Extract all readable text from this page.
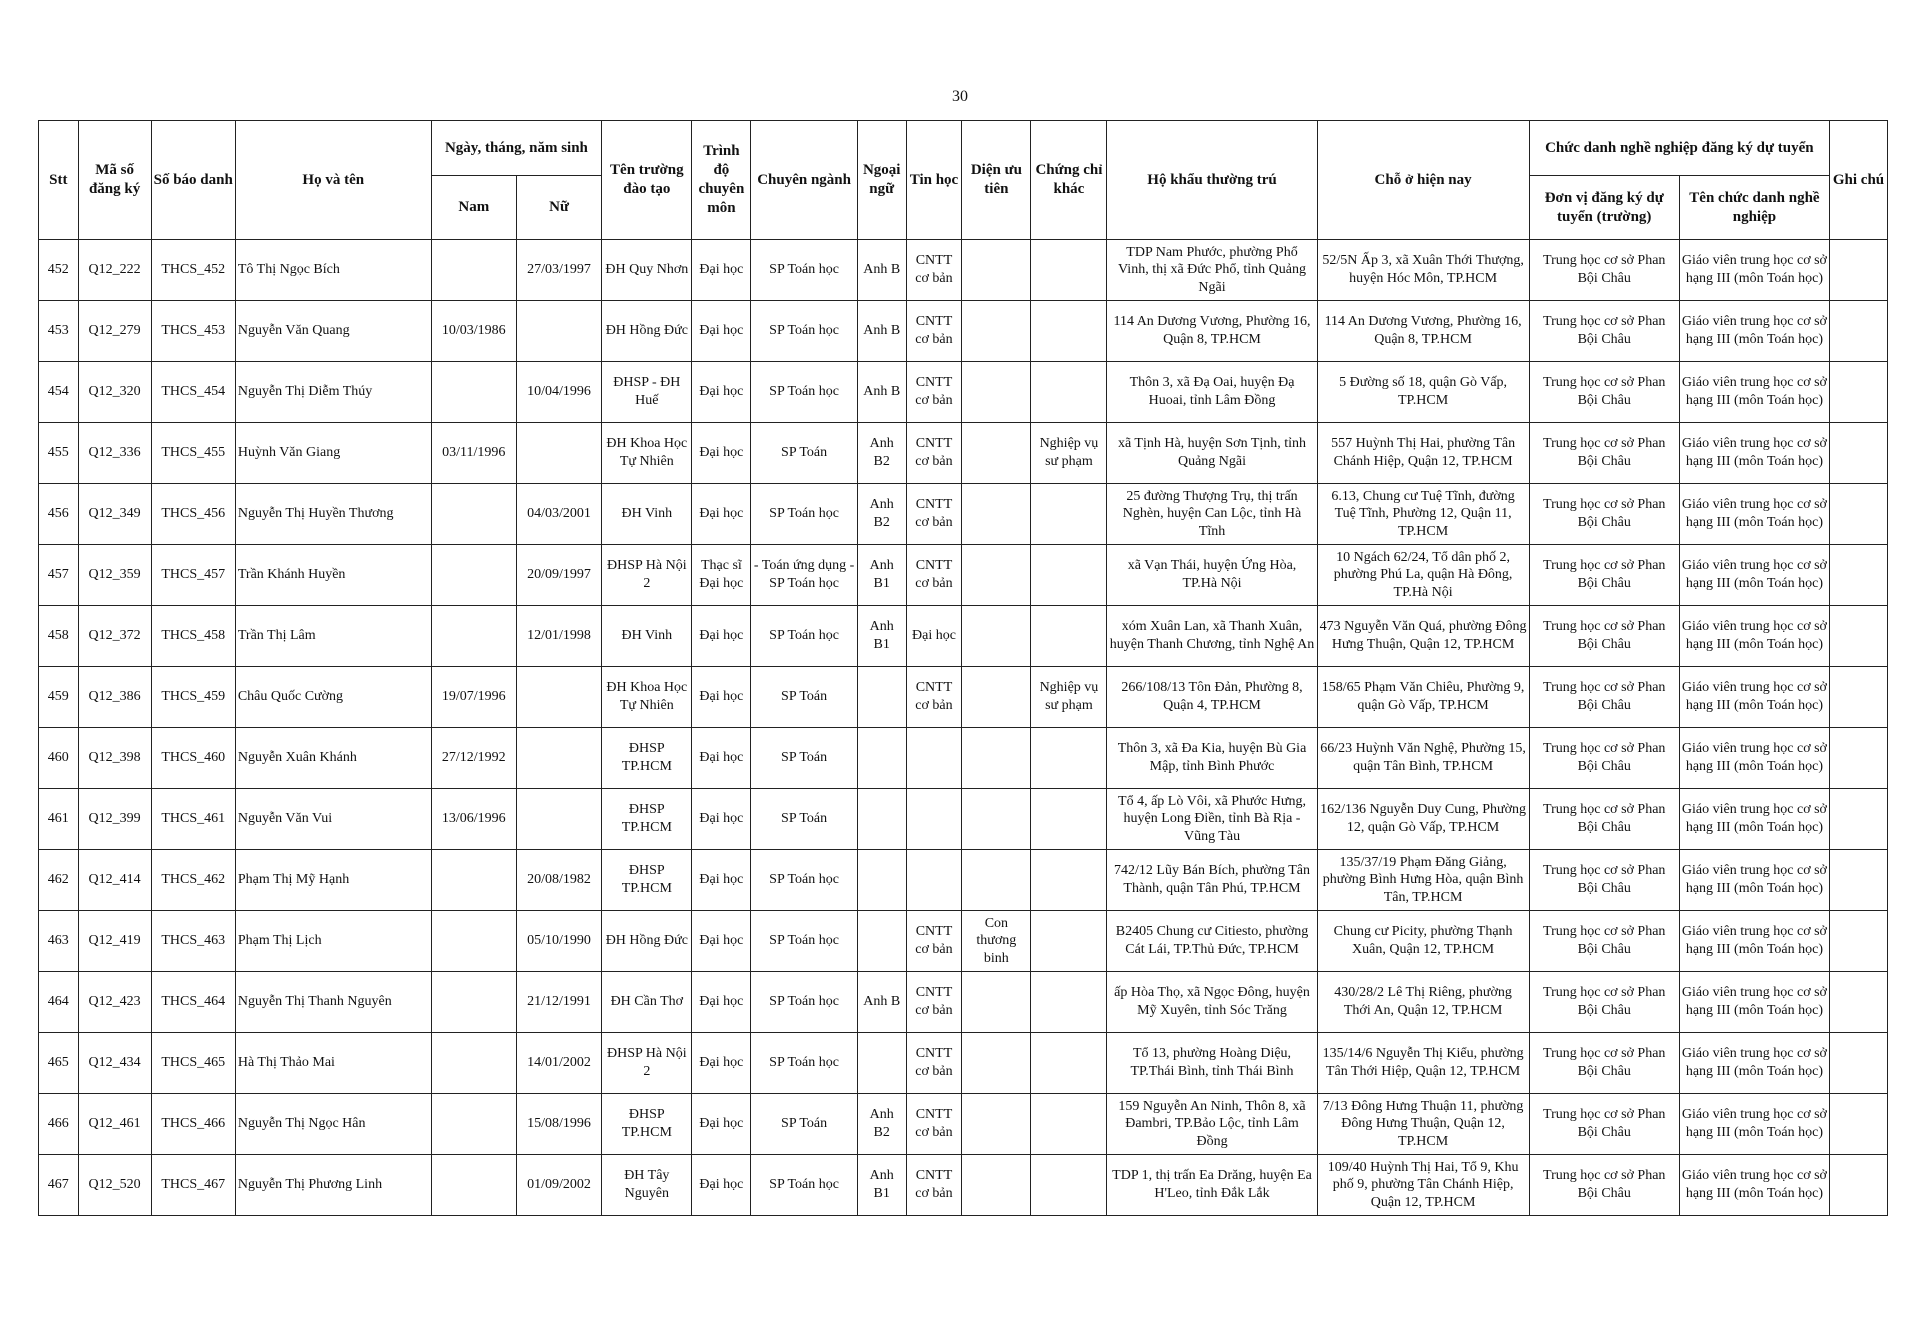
30
Stt	Mã số đăng ký	Số báo danh	Họ và tên	Ngày, tháng, năm sinh		Tên trường đào tạo	Trình độ chuyên môn	Chuyên ngành	Ngoại ngữ	Tin học	Diện ưu tiên	Chứng chỉ khác	Hộ khẩu thường trú	Chỗ ở hiện nay	Chức danh nghề nghiệp đăng ký dự tuyển		Ghi chú
				Nam	Nữ										Đơn vị đăng ký dự tuyển (trường)	Tên chức danh nghề nghiệp	
452	Q12_222	THCS_452	Tô Thị Ngọc Bích		27/03/1997	ĐH Quy Nhơn	Đại học	SP Toán học	Anh B	CNTT cơ bản			TDP Nam Phước, phường Phổ Vinh, thị xã Đức Phổ, tỉnh Quảng Ngãi	52/5N Ấp 3, xã Xuân Thới Thượng, huyện Hóc Môn, TP.HCM	Trung học cơ sở Phan Bội Châu	Giáo viên trung học cơ sở hạng III (môn Toán học)	
453	Q12_279	THCS_453	Nguyễn Văn Quang	10/03/1986		ĐH Hồng Đức	Đại học	SP Toán học	Anh B	CNTT cơ bản			114 An Dương Vương, Phường 16, Quận 8, TP.HCM	114 An Dương Vương, Phường 16, Quận 8, TP.HCM	Trung học cơ sở Phan Bội Châu	Giáo viên trung học cơ sở hạng III (môn Toán học)	
454	Q12_320	THCS_454	Nguyễn Thị Diễm Thúy		10/04/1996	ĐHSP - ĐH Huế	Đại học	SP Toán học	Anh B	CNTT cơ bản			Thôn 3, xã Đạ Oai, huyện Đạ Huoai, tỉnh Lâm Đồng	5 Đường số 18, quận Gò Vấp, TP.HCM	Trung học cơ sở Phan Bội Châu	Giáo viên trung học cơ sở hạng III (môn Toán học)	
455	Q12_336	THCS_455	Huỳnh Văn Giang	03/11/1996		ĐH Khoa Học Tự Nhiên	Đại học	SP Toán	Anh B2	CNTT cơ bản		Nghiệp vụ sư phạm	xã Tịnh Hà, huyện Sơn Tịnh, tỉnh Quảng Ngãi	557 Huỳnh Thị Hai, phường Tân Chánh Hiệp, Quận 12, TP.HCM	Trung học cơ sở Phan Bội Châu	Giáo viên trung học cơ sở hạng III (môn Toán học)	
456	Q12_349	THCS_456	Nguyễn Thị Huyền Thương		04/03/2001	ĐH Vinh	Đại học	SP Toán học	Anh B2	CNTT cơ bản			25 đường Thượng Trụ, thị trấn Nghèn, huyện Can Lộc, tỉnh Hà Tĩnh	6.13, Chung cư Tuệ Tĩnh, đường Tuệ Tĩnh, Phường 12, Quận 11, TP.HCM	Trung học cơ sở Phan Bội Châu	Giáo viên trung học cơ sở hạng III (môn Toán học)	
457	Q12_359	THCS_457	Trần Khánh Huyền		20/09/1997	ĐHSP Hà Nội 2	Thạc sĩ Đại học	- Toán ứng dụng - SP Toán học	Anh B1	CNTT cơ bản			xã Vạn Thái, huyện Ứng Hòa, TP.Hà Nội	10 Ngách 62/24, Tổ dân phố 2, phường Phú La, quận Hà Đông, TP.Hà Nội	Trung học cơ sở Phan Bội Châu	Giáo viên trung học cơ sở hạng III (môn Toán học)	
458	Q12_372	THCS_458	Trần Thị Lâm		12/01/1998	ĐH Vinh	Đại học	SP Toán học	Anh B1	Đại học			xóm Xuân Lan, xã Thanh Xuân, huyện Thanh Chương, tỉnh Nghệ An	473 Nguyễn Văn Quá, phường Đông Hưng Thuận, Quận 12, TP.HCM	Trung học cơ sở Phan Bội Châu	Giáo viên trung học cơ sở hạng III (môn Toán học)	
459	Q12_386	THCS_459	Châu Quốc Cường	19/07/1996		ĐH Khoa Học Tự Nhiên	Đại học	SP Toán		CNTT cơ bản		Nghiệp vụ sư phạm	266/108/13 Tôn Đản, Phường 8, Quận 4, TP.HCM	158/65 Phạm Văn Chiêu, Phường 9, quận Gò Vấp, TP.HCM	Trung học cơ sở Phan Bội Châu	Giáo viên trung học cơ sở hạng III (môn Toán học)	
460	Q12_398	THCS_460	Nguyễn Xuân Khánh	27/12/1992		ĐHSP TP.HCM	Đại học	SP Toán					Thôn 3, xã Đa Kia, huyện Bù Gia Mập, tỉnh Bình Phước	66/23 Huỳnh Văn Nghệ, Phường 15, quận Tân Bình, TP.HCM	Trung học cơ sở Phan Bội Châu	Giáo viên trung học cơ sở hạng III (môn Toán học)	
461	Q12_399	THCS_461	Nguyễn Văn Vui	13/06/1996		ĐHSP TP.HCM	Đại học	SP Toán					Tổ 4, ấp Lò Vôi, xã Phước Hưng, huyện Long Điền, tỉnh Bà Rịa - Vũng Tàu	162/136 Nguyễn Duy Cung, Phường 12, quận Gò Vấp, TP.HCM	Trung học cơ sở Phan Bội Châu	Giáo viên trung học cơ sở hạng III (môn Toán học)	
462	Q12_414	THCS_462	Phạm Thị Mỹ Hạnh		20/08/1982	ĐHSP TP.HCM	Đại học	SP Toán học					742/12 Lũy Bán Bích, phường Tân Thành, quận Tân Phú, TP.HCM	135/37/19 Phạm Đăng Giảng, phường Bình Hưng Hòa, quận Bình Tân, TP.HCM	Trung học cơ sở Phan Bội Châu	Giáo viên trung học cơ sở hạng III (môn Toán học)	
463	Q12_419	THCS_463	Phạm Thị Lịch		05/10/1990	ĐH Hồng Đức	Đại học	SP Toán học		CNTT cơ bản	Con thương binh		B2405 Chung cư Citiesto, phường Cát Lái, TP.Thủ Đức, TP.HCM	Chung cư Picity, phường Thạnh Xuân, Quận 12, TP.HCM	Trung học cơ sở Phan Bội Châu	Giáo viên trung học cơ sở hạng III (môn Toán học)	
464	Q12_423	THCS_464	Nguyễn Thị Thanh Nguyên		21/12/1991	ĐH Cần Thơ	Đại học	SP Toán học	Anh B	CNTT cơ bản			ấp Hòa Thọ, xã Ngọc Đông, huyện Mỹ Xuyên, tỉnh Sóc Trăng	430/28/2 Lê Thị Riêng, phường Thới An, Quận 12, TP.HCM	Trung học cơ sở Phan Bội Châu	Giáo viên trung học cơ sở hạng III (môn Toán học)	
465	Q12_434	THCS_465	Hà Thị Thảo Mai		14/01/2002	ĐHSP Hà Nội 2	Đại học	SP Toán học		CNTT cơ bản			Tổ 13, phường Hoàng Diệu, TP.Thái Bình, tỉnh Thái Bình	135/14/6 Nguyễn Thị Kiểu, phường Tân Thới Hiệp, Quận 12, TP.HCM	Trung học cơ sở Phan Bội Châu	Giáo viên trung học cơ sở hạng III (môn Toán học)	
466	Q12_461	THCS_466	Nguyễn Thị Ngọc Hân		15/08/1996	ĐHSP TP.HCM	Đại học	SP Toán	Anh B2	CNTT cơ bản			159 Nguyễn An Ninh, Thôn 8, xã Đambri, TP.Bảo Lộc, tỉnh Lâm Đồng	7/13 Đông Hưng Thuận 11, phường Đông Hưng Thuận, Quận 12, TP.HCM	Trung học cơ sở Phan Bội Châu	Giáo viên trung học cơ sở hạng III (môn Toán học)	
467	Q12_520	THCS_467	Nguyễn Thị Phương Linh		01/09/2002	ĐH Tây Nguyên	Đại học	SP Toán học	Anh B1	CNTT cơ bản			TDP 1, thị trấn Ea Drăng, huyện Ea H'Leo, tỉnh Đắk Lắk	109/40 Huỳnh Thị Hai, Tổ 9, Khu phố 9, phường Tân Chánh Hiệp, Quận 12, TP.HCM	Trung học cơ sở Phan Bội Châu	Giáo viên trung học cơ sở hạng III (môn Toán học)	
